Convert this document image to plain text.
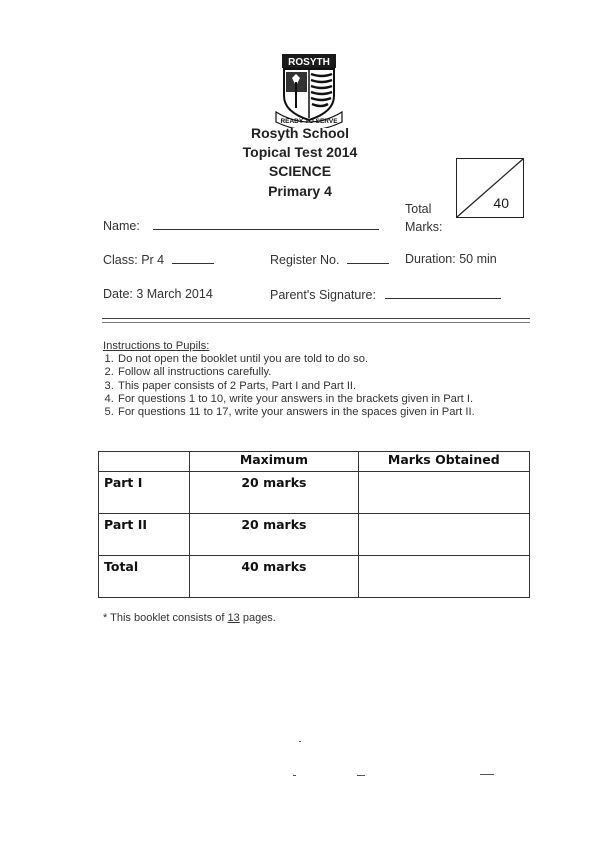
ROSYTH
READY TO SERVE
Rosyth School
Topical Test 2014
SCIENCE
Primary 4
Total
Marks:
40
Name:
Class: Pr 4	Register No.	Duration: 50 min
Date: 3 March 2014	Parent's Signature:
Instructions to Pupils:
1. Do not open the booklet until you are told to do so.
2. Follow all instructions carefully.
3. This paper consists of 2 Parts, Part I and Part II.
4. For questions 1 to 10, write your answers in the brackets given in Part I.
5. For questions 11 to 17, write your answers in the spaces given in Part II.
	Maximum	Marks Obtained
Part I	20 marks	
Part II	20 marks	
Total	40 marks	
* This booklet consists of 13 pages.
